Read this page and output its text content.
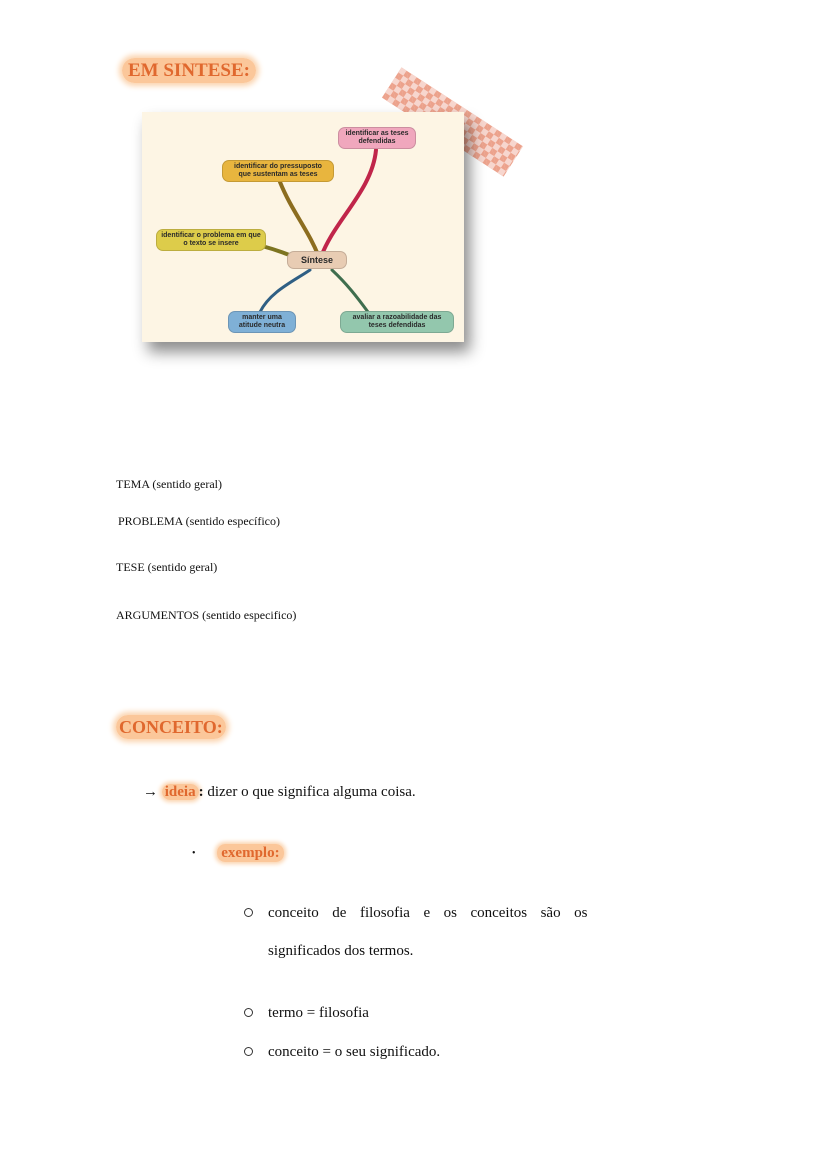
EM SINTESE:
identificar as teses defendidas
identificar do pressuposto que sustentam as teses
identificar o problema em que o texto se insere
Síntese
manter uma atitude neutra
avaliar a razoabilidade das teses defendidas
TEMA (sentido geral)
PROBLEMA (sentido específico)
TESE (sentido geral)
ARGUMENTOS (sentido especifico)
CONCEITO:
→ ideia : dizer o que significa alguma coisa.
• exemplo:
conceito  de  filosofia  e  os  conceitos  são  os
significados dos termos.
termo = filosofia
conceito = o seu significado.
